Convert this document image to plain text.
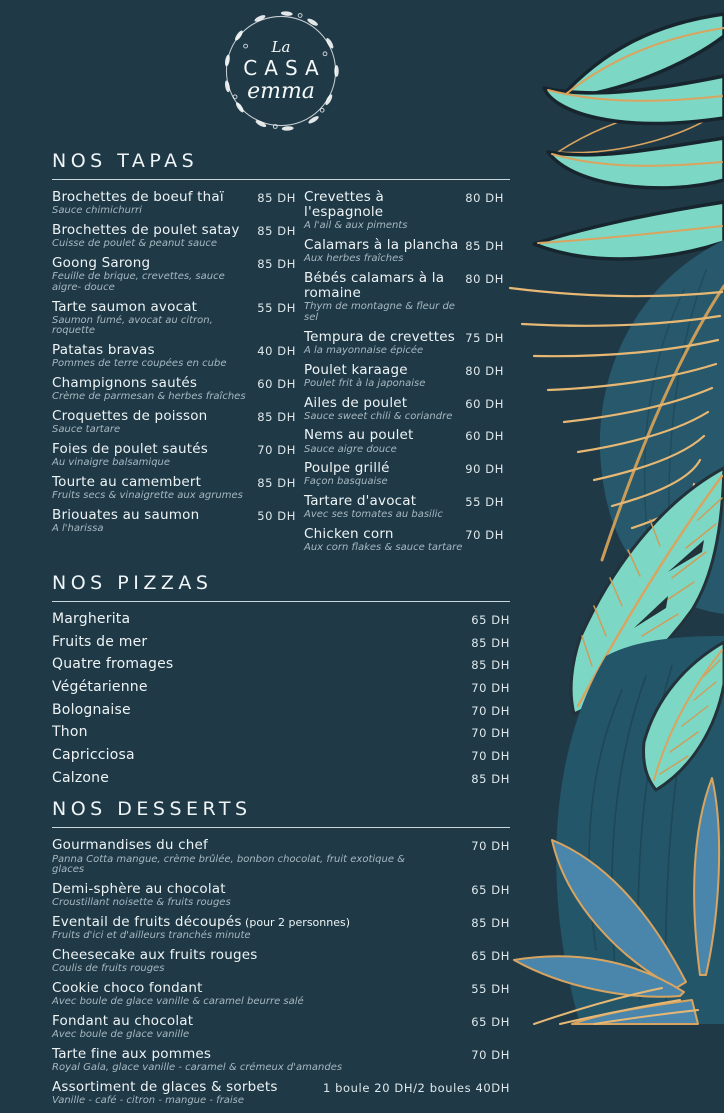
La
CASA
emma
NOS TAPAS
Brochettes de boeuf thaï	85 DH
Sauce chimichurri
Brochettes de poulet satay	85 DH
Cuisse de poulet & peanut sauce
Goong Sarong	85 DH
Feuille de brique, crevettes, sauce aigre- douce
Tarte saumon avocat	55 DH
Saumon fumé, avocat au citron, roquette
Patatas bravas	40 DH
Pommes de terre coupées en cube
Champignons sautés	60 DH
Crème de parmesan & herbes fraîches
Croquettes de poisson	85 DH
Sauce tartare
Foies de poulet sautés	70 DH
Au vinaigre balsamique
Tourte au camembert	85 DH
Fruits secs & vinaigrette aux agrumes
Briouates au saumon	50 DH
A l'harissa
Crevettes à l'espagnole
80 DH
A l'ail & aux piments
Calamars à la plancha 85 DH
Aux herbes fraîches
Bébés calamars à la romaine
80 DH
Thym de montagne & fleur de sel
Tempura de crevettes 75 DH
A la mayonnaise épicée
Poulet karaage	80 DH
Poulet frit à la japonaise
Ailes de poulet	60 DH
Sauce sweet chili & coriandre
Nems au poulet	60 DH
Sauce aigre douce
Poulpe grillé	90 DH
Façon basquaise
Tartare d'avocat	55 DH
Avec ses tomates au basilic
Chicken corn	70 DH
Aux corn flakes & sauce tartare
NOS PIZZAS
Margherita	65 DH
Fruits de mer	85 DH
Quatre fromages	85 DH
Végétarienne	70 DH
Bolognaise	70 DH
Thon	70 DH
Capricciosa	70 DH
Calzone	85 DH
NOS DESSERTS
Gourmandises du chef	70 DH
Panna Cotta mangue, crème brûlée, bonbon chocolat, fruit exotique & glaces
Demi-sphère au chocolat	65 DH
Croustillant noisette & fruits rouges
Eventail de fruits découpés (pour 2 personnes)	85 DH
Fruits d'ici et d'ailleurs tranchés minute
Cheesecake aux fruits rouges	65 DH
Coulis de fruits rouges
Cookie choco fondant	55 DH
Avec boule de glace vanille & caramel beurre salé
Fondant au chocolat	65 DH
Avec boule de glace vanille
Tarte fine aux pommes	70 DH
Royal Gala, glace vanille - caramel & crémeux d'amandes
Assortiment de glaces & sorbets	1 boule 20 DH/2 boules 40DH
Vanille - café - citron - mangue - fraise
